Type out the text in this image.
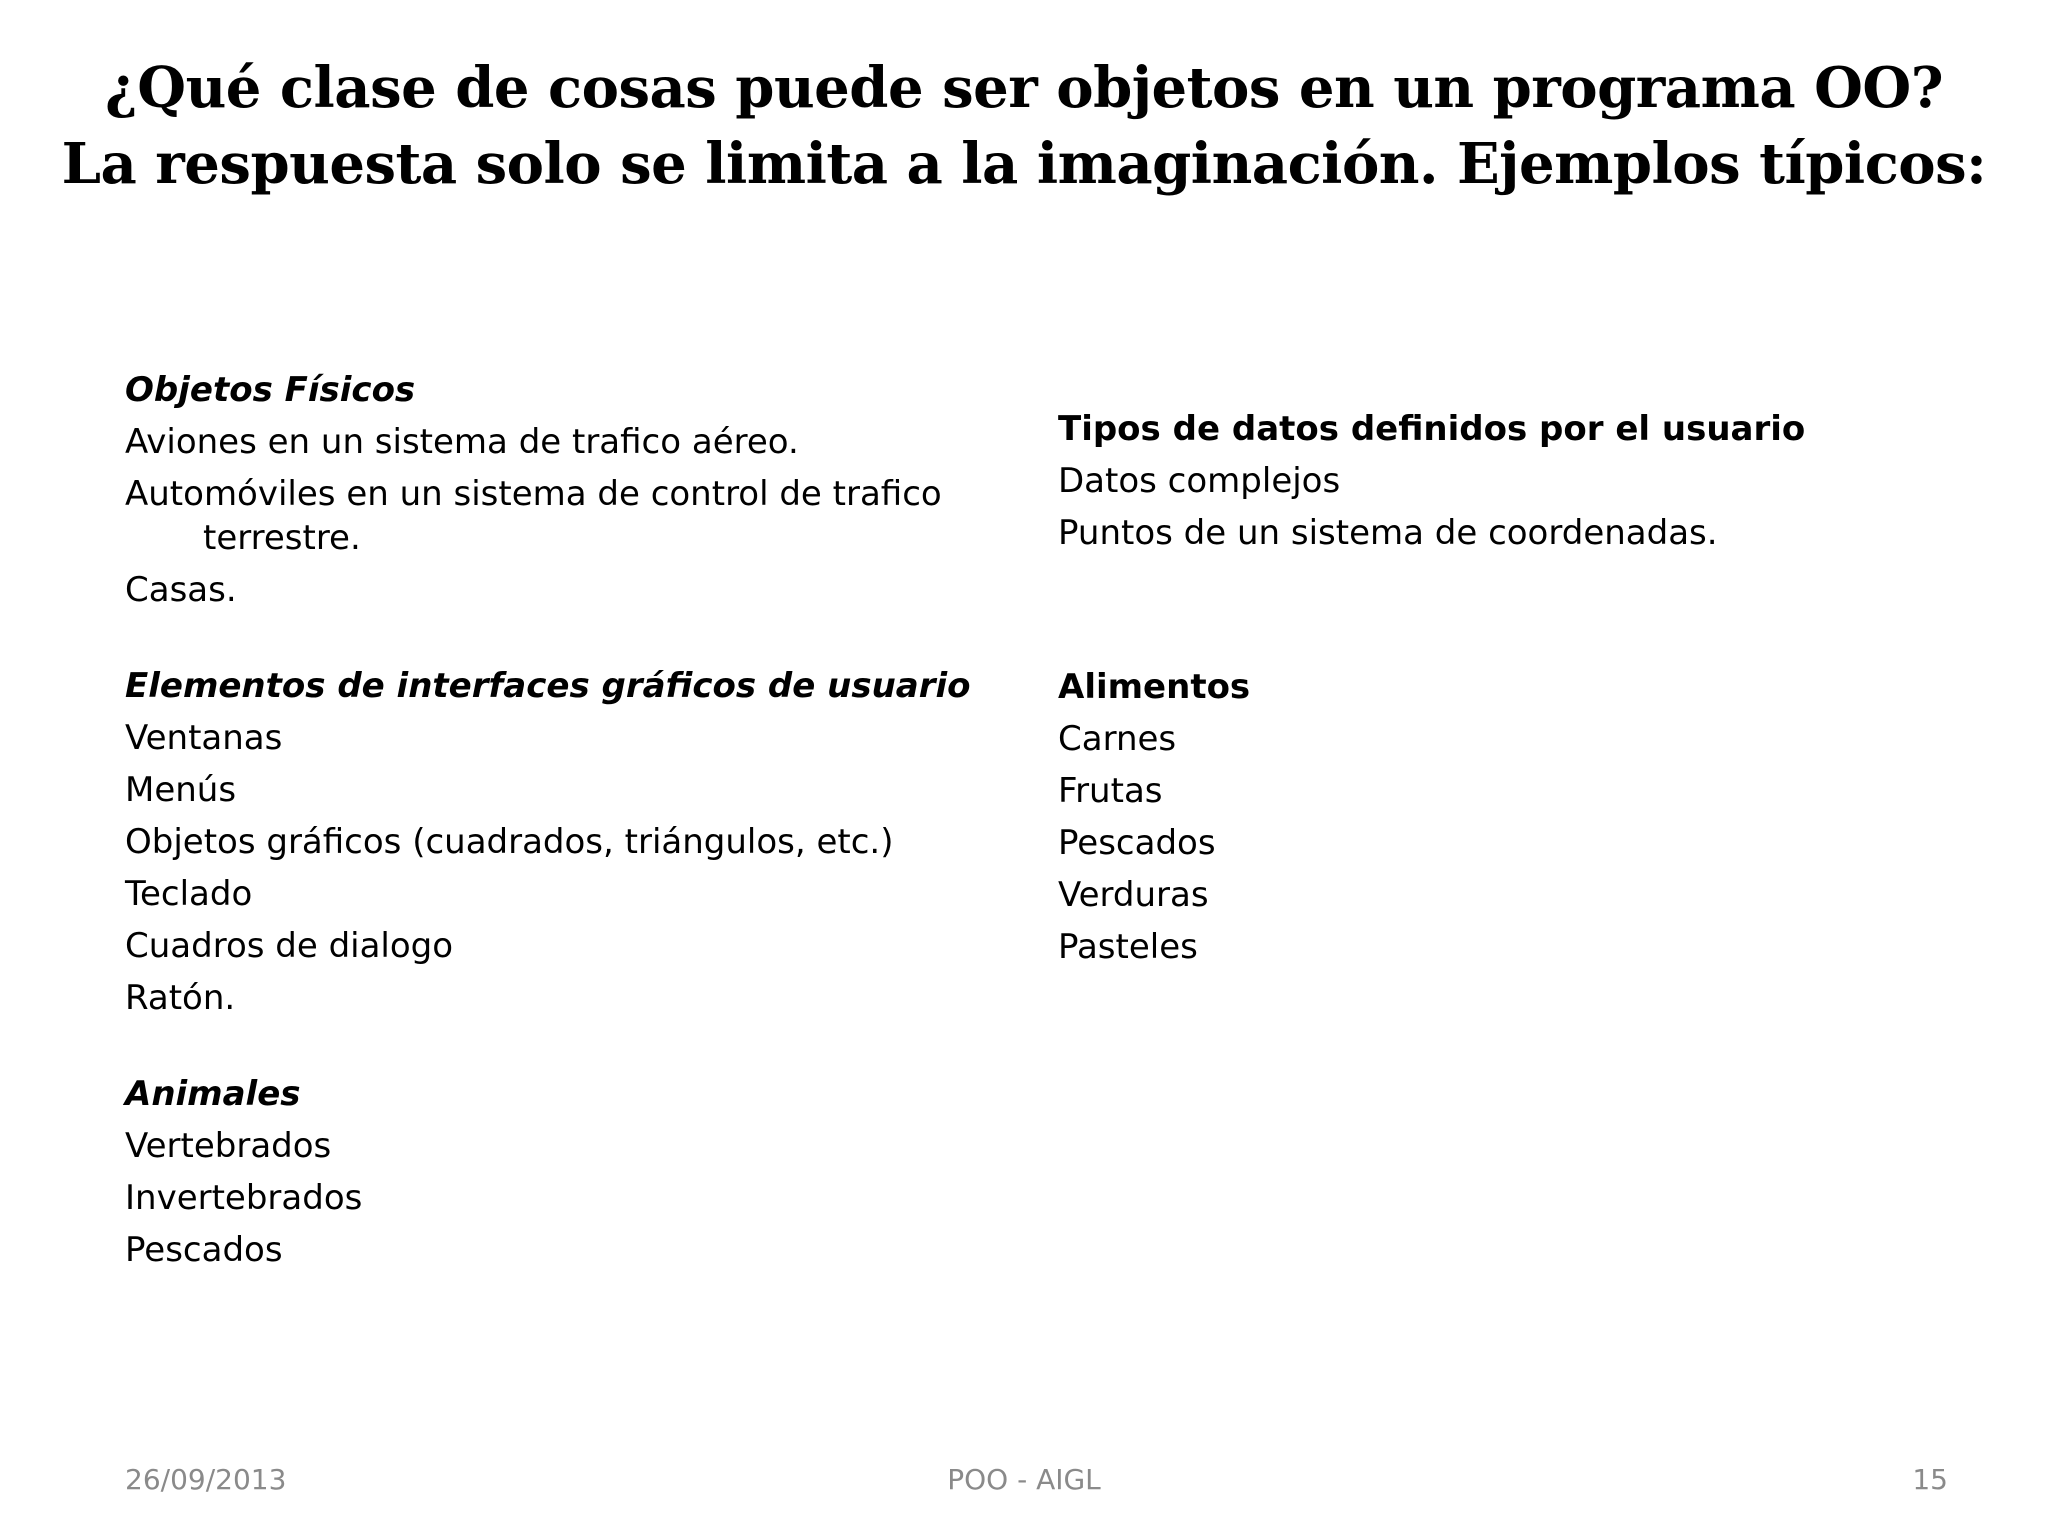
¿Qué clase de cosas puede ser objetos en un programa OO? La respuesta solo se limita a la imaginación. Ejemplos típicos:
Objetos Físicos
Aviones en un sistema de trafico aéreo.
Automóviles en un sistema de control de trafico terrestre.
Casas.
Elementos de interfaces gráficos de usuario
Ventanas
Menús
Objetos gráficos (cuadrados, triángulos, etc.)
Teclado
Cuadros de dialogo
Ratón.
Animales
Vertebrados
Invertebrados
Pescados
Tipos de datos definidos por el usuario
Datos complejos
Puntos de un sistema de coordenadas.
Alimentos
Carnes
Frutas
Pescados
Verduras
Pasteles
POO - AIGL
26/09/2013	15
